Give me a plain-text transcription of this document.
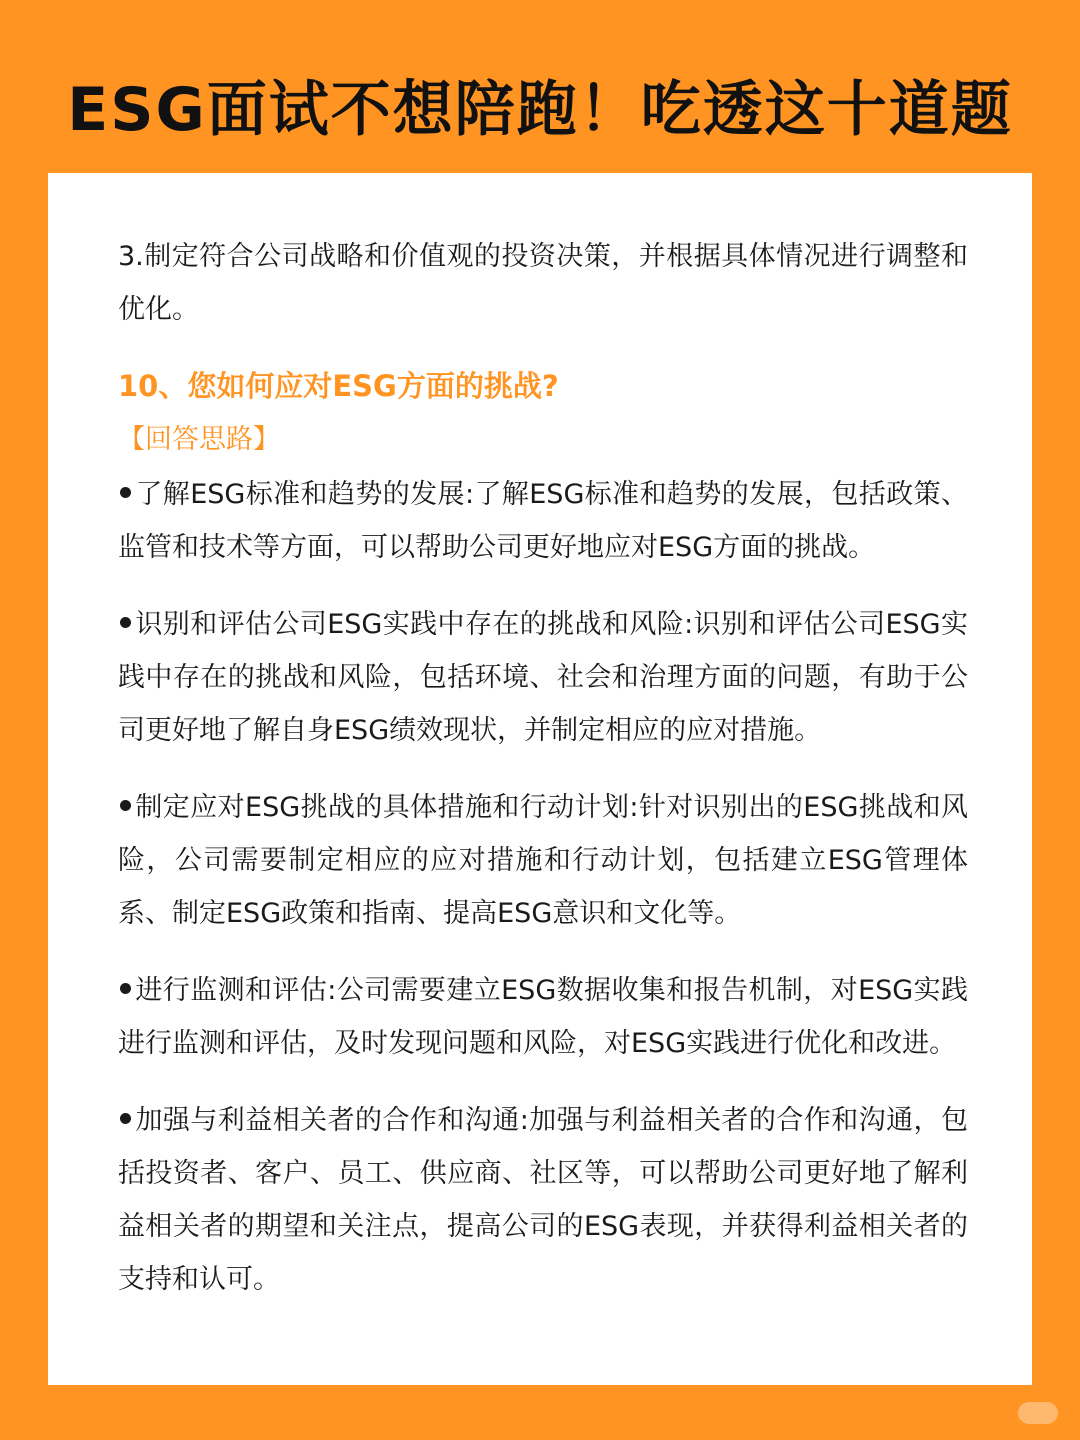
ESG面试不想陪跑！吃透这十道题

3.制定符合公司战略和价值观的投资决策，并根据具体情况进行调整和优化。

10、您如何应对ESG方面的挑战?

【回答思路】

了解ESG标准和趋势的发展:了解ESG标准和趋势的发展，包括政策、监管和技术等方面，可以帮助公司更好地应对ESG方面的挑战。

识别和评估公司ESG实践中存在的挑战和风险:识别和评估公司ESG实践中存在的挑战和风险，包括环境、社会和治理方面的问题，有助于公司更好地了解自身ESG绩效现状，并制定相应的应对措施。

制定应对ESG挑战的具体措施和行动计划:针对识别出的ESG挑战和风险，公司需要制定相应的应对措施和行动计划，包括建立ESG管理体系、制定ESG政策和指南、提高ESG意识和文化等。

进行监测和评估:公司需要建立ESG数据收集和报告机制，对ESG实践进行监测和评估，及时发现问题和风险，对ESG实践进行优化和改进。

加强与利益相关者的合作和沟通:加强与利益相关者的合作和沟通，包括投资者、客户、员工、供应商、社区等，可以帮助公司更好地了解利益相关者的期望和关注点，提高公司的ESG表现，并获得利益相关者的支持和认可。
